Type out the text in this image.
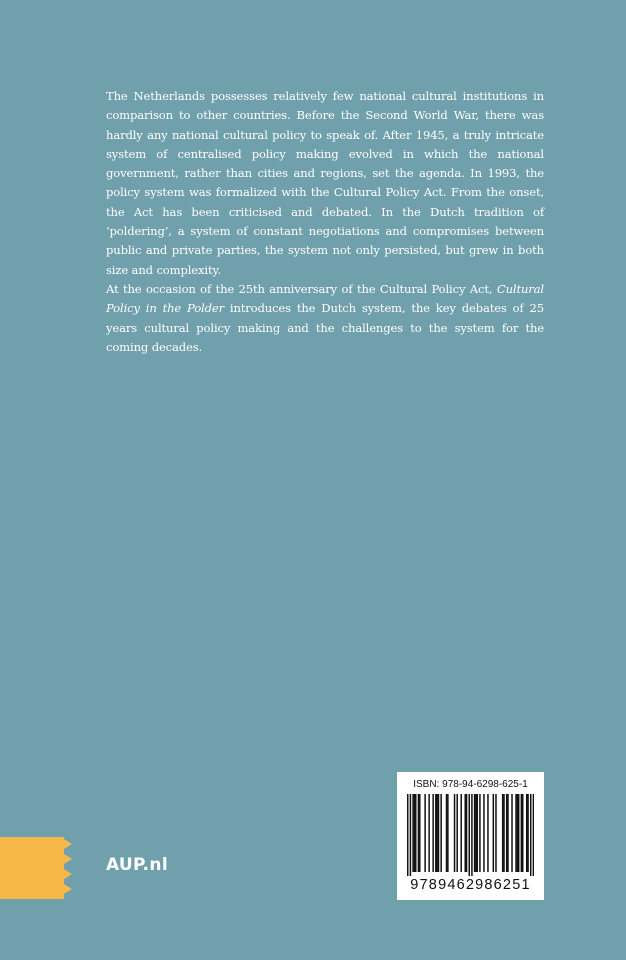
The Netherlands possesses relatively few national cultural institutions in comparison to other countries. Before the Second World War, there was hardly any national cultural policy to speak of. After 1945, a truly intricate system of centralised policy making evolved in which the national government, rather than cities and regions, set the agenda. In 1993, the policy system was formalized with the Cultural Policy Act. From the onset, the Act has been criticised and debated. In the Dutch tradition of ‘poldering’, a system of constant negotiations and compromises between public and private parties, the system not only persisted, but grew in both size and complexity.

At the occasion of the 25th anniversary of the Cultural Policy Act, Cultural Policy in the Polder introduces the Dutch system, the key debates of 25 years cultural policy making and the challenges to the system for the coming decades.

AUP.nl
ISBN: 978-94-6298-625-1
9789462986251
